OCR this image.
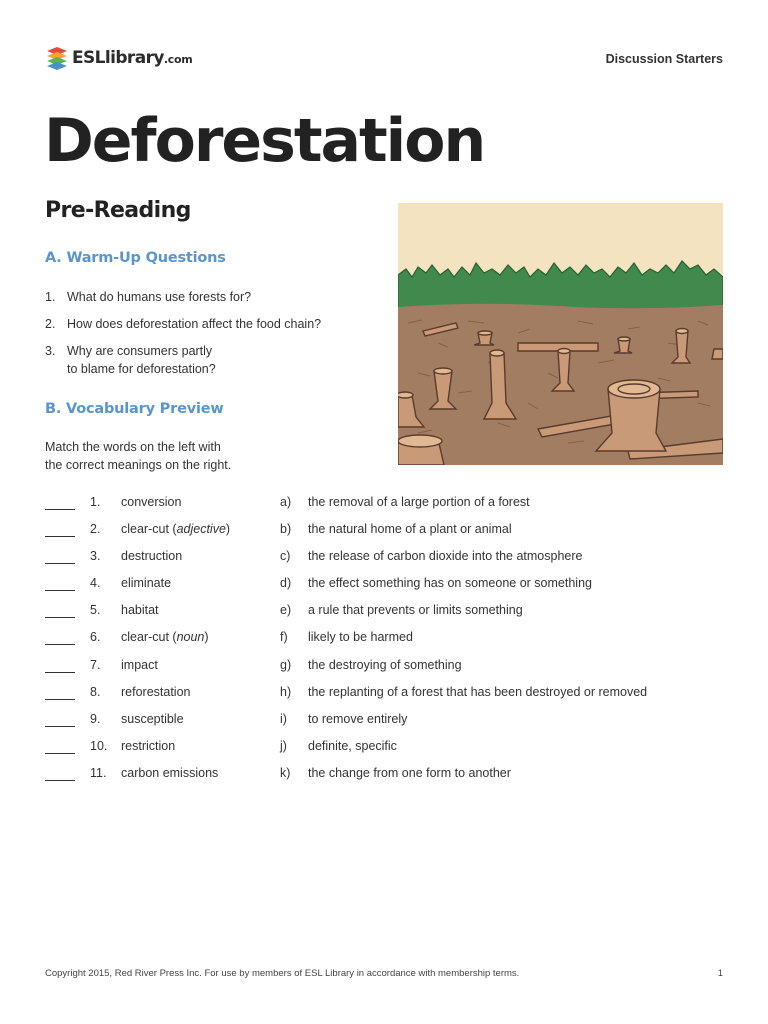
ESLlibrary.com	Discussion Starters
Deforestation
Pre-Reading
A. Warm-Up Questions
1. What do humans use forests for?
2. How does deforestation affect the food chain?
3. Why are consumers partly
to blame for deforestation?
B. Vocabulary Preview

Match the words on the left with
the correct meanings on the right.

1. conversion	a) the removal of a large portion of a forest
2. clear-cut (adjective)	b) the natural home of a plant or animal
3. destruction	c) the release of carbon dioxide into the atmosphere
4. eliminate	d) the effect something has on someone or something
5. habitat	e) a rule that prevents or limits something
6. clear-cut (noun)	f) likely to be harmed
7. impact	g) the destroying of something
8. reforestation	h) the replanting of a forest that has been destroyed or removed
9. susceptible	i) to remove entirely
10. restriction	j) definite, specific
11. carbon emissions	k) the change from one form to another
Copyright 2015, Red River Press Inc. For use by members of ESL Library in accordance with membership terms.	1
